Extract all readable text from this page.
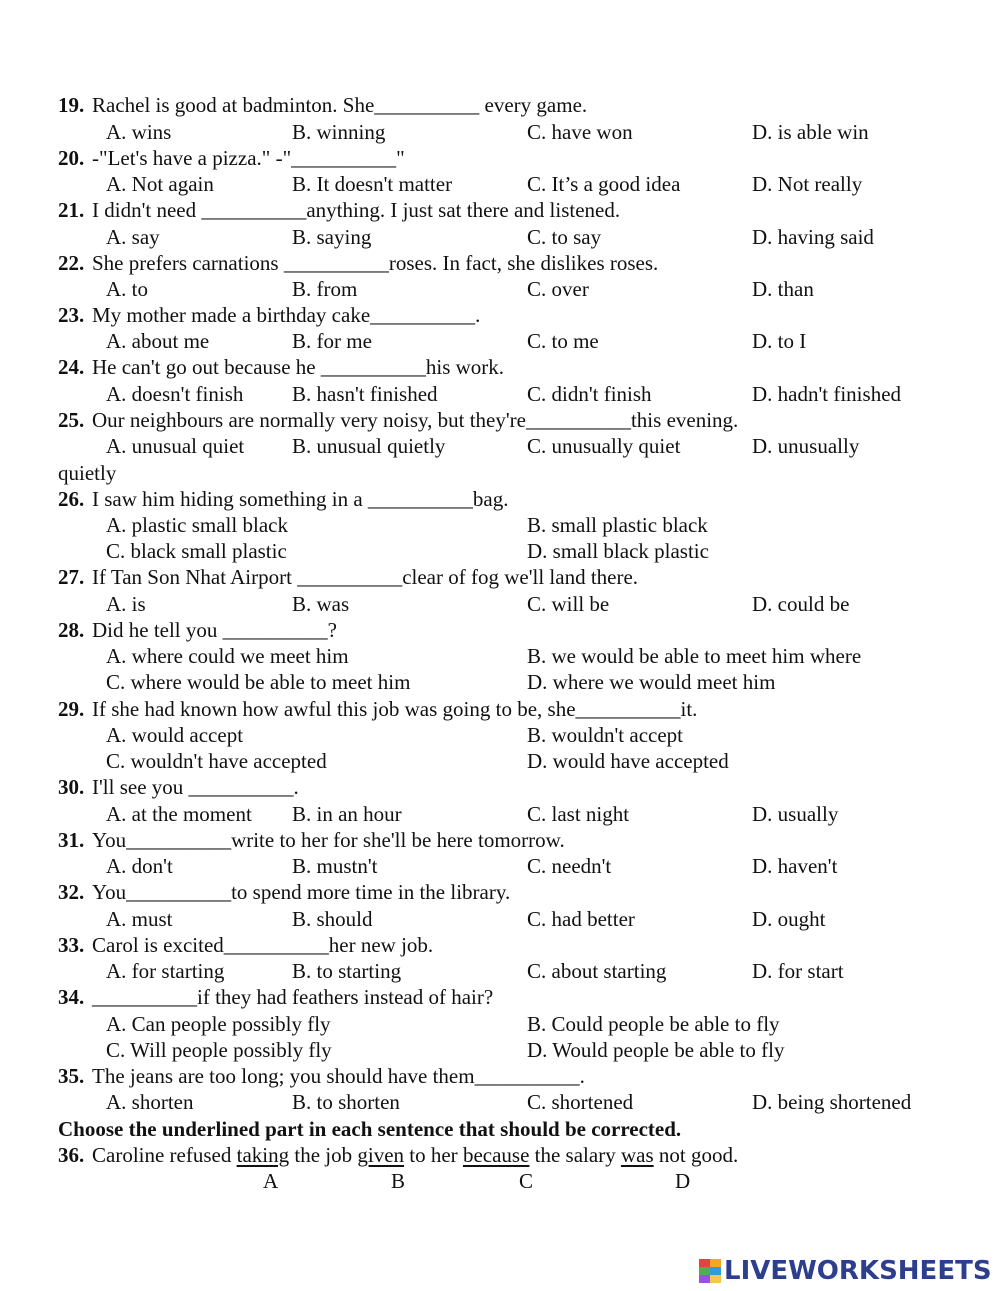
19. Rachel is good at badminton. She__________ every game.
A. wins	B. winning	C. have won	D. is able win
20. -"Let's have a pizza." -"__________"
A. Not again	B. It doesn't matter	C. It’s a good idea	D. Not really
21. I didn't need __________anything. I just sat there and listened.
A. say	B. saying	C. to say	D. having said
22. She prefers carnations __________roses. In fact, she dislikes roses.
A. to	B. from	C. over	D. than
23. My mother made a birthday cake__________.
A. about me	B. for me	C. to me	D. to I
24. He can't go out because he __________his work.
A. doesn't finish B. hasn't finished	C. didn't finish	D. hadn't finished
25. Our neighbours are normally very noisy, but they're__________this evening.
A. unusual quiet B. unusual quietly	C. unusually quiet	D. unusually
quietly
26. I saw him hiding something in a __________bag.
A. plastic small black	B. small plastic black
C. black small plastic	D. small black plastic
27. If Tan Son Nhat Airport __________clear of fog we'll land there.
A. is	B. was	C. will be	D. could be
28. Did he tell you __________?
A. where could we meet him	B. we would be able to meet him where
C. where would be able to meet him	D. where we would meet him
29. If she had known how awful this job was going to be, she__________it.
A. would accept	B. wouldn't accept
C. wouldn't have accepted	D. would have accepted
30. I'll see you __________.
A. at the moment B. in an hour	C. last night	D. usually
31. You__________write to her for she'll be here tomorrow.
A. don't	B. mustn't	C. needn't	D. haven't
32. You__________to spend more time in the library.
A. must	B. should	C. had better	D. ought
33. Carol is excited__________her new job.
A. for starting	B. to starting	C. about starting	D. for start
34. __________if they had feathers instead of hair?
A. Can people possibly fly	B. Could people be able to fly
C. Will people possibly fly	D. Would people be able to fly
35. The jeans are too long; you should have them__________.
A. shorten	B. to shorten	C. shortened	D. being shortened
Choose the underlined part in each sentence that should be corrected.
36. Caroline refused taking the job given to her because the salary was not good.
A	B	C	D
LIVEWORKSHEETS
